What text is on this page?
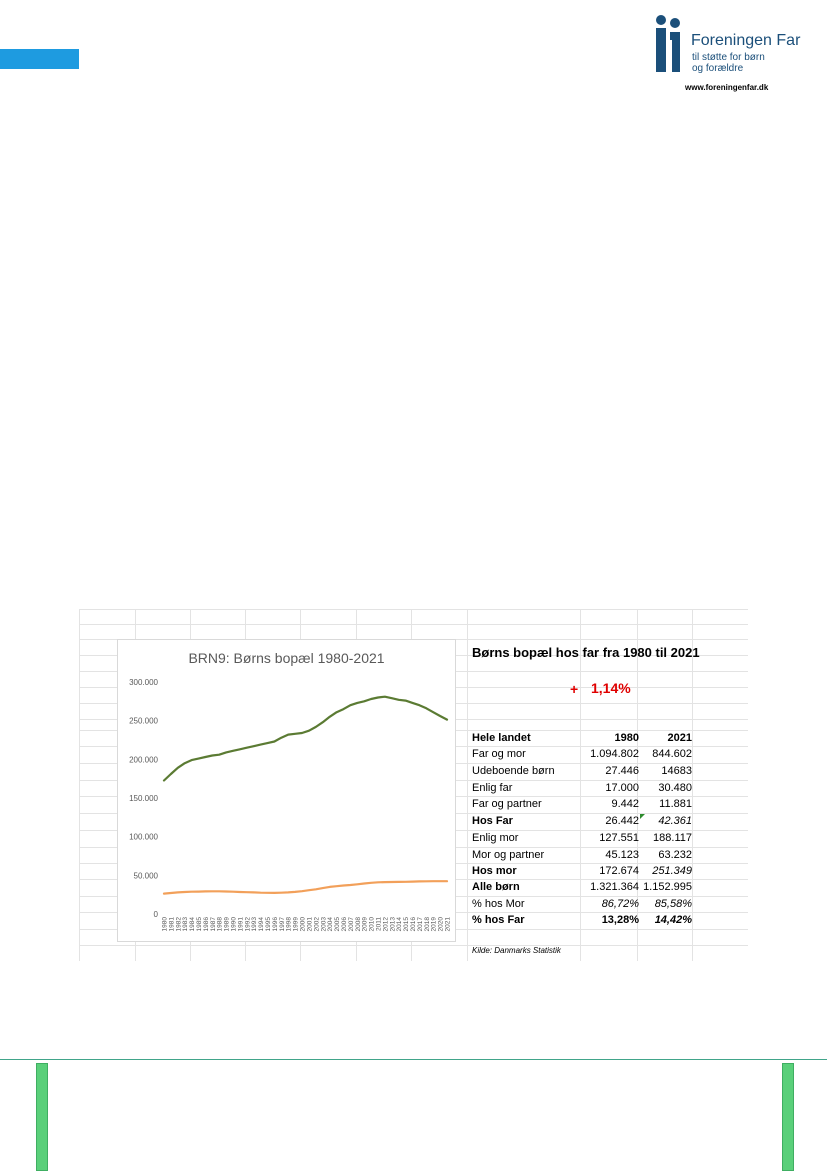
Foreningen Far
til støtte for børn
og forældre
www.foreningenfar.dk
BRN9: Børns bopæl 1980-2021
0
50.000
100.000
150.000
200.000
250.000
300.000
1980 1981 1982 1983 1984 1985 1986 1987 1988 1989 1990 1991 1992 1993 1994 1995 1996 1997 1998 1999 2000 2001 2002 2003 2004 2005 2006 2007 2008 2009 2010 2011 2012 2013 2014 2015 2016 2017 2018 2019 2020 2021
Børns bopæl hos far fra 1980 til 2021
+ 1,14%
Hele landet	1980	2021
Far og mor	1.094.802	844.602
Udeboende børn	27.446	14683
Enlig far	17.000	30.480
Far og partner	9.442	11.881
Hos Far	26.442	42.361
Enlig mor	127.551	188.117
Mor og partner	45.123	63.232
Hos mor	172.674	251.349
Alle børn	1.321.364 1.152.995
% hos Mor	86,72%	85,58%
% hos Far	13,28%	14,42%
Kilde: Danmarks Statistik
